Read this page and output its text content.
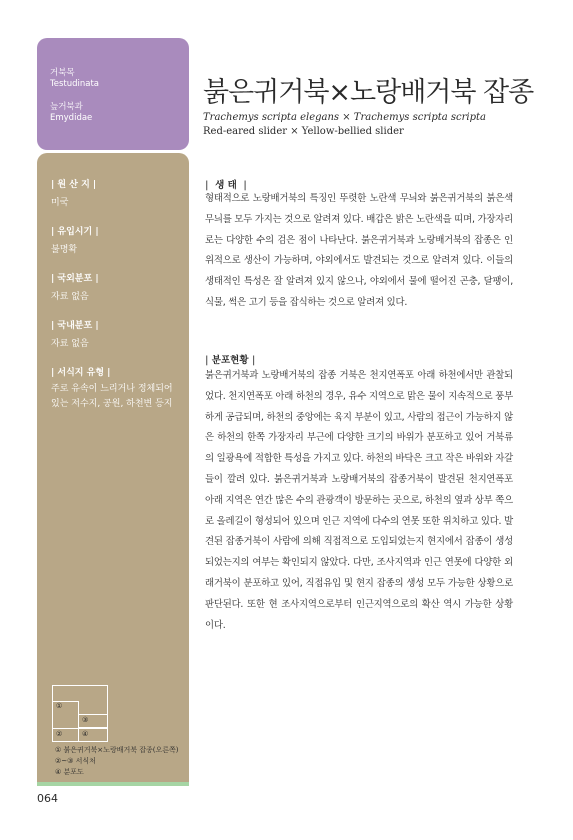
거북목
Testudinata
늪거북과
Emydidae
| 원 산 지 |
미국
| 유입시기 |
불명확
| 국외분포 |
자료 없음
| 국내분포 |
자료 없음
| 서식지 유형 |
주로 유속이 느리거나 정체되어 있는 저수지, 공원, 하천변 등지
①
②
③
④
① 붉은귀거북×노랑배거북 잡종(오른쪽)
②~③ 서식처
④ 분포도
붉은귀거북×노랑배거북 잡종
Trachemys scripta elegans × Trachemys scripta scripta
Red-eared slider × Yellow-bellied slider
| 생 태 |
형태적으로 노랑배거북의 특징인 뚜렷한 노란색 무늬와 붉은귀거북의 붉은색 무늬를 모두 가지는 것으로 알려져 있다. 배갑은 밝은 노란색을 띠며, 가장자리로는 다양한 수의 검은 점이 나타난다. 붉은귀거북과 노랑배거북의 잡종은 인위적으로 생산이 가능하며, 야외에서도 발견되는 것으로 알려져 있다. 이들의 생태적인 특성은 잘 알려져 있지 않으나, 야외에서 물에 떨어진 곤충, 달팽이, 식물, 썩은 고기 등을 잡식하는 것으로 알려져 있다.
| 분포현황 |
붉은귀거북과 노랑배거북의 잡종 거북은 천지연폭포 아래 하천에서만 관찰되었다. 천지연폭포 아래 하천의 경우, 유수 지역으로 맑은 물이 지속적으로 풍부하게 공급되며, 하천의 중앙에는 육지 부분이 있고, 사람의 접근이 가능하지 않은 하천의 한쪽 가장자리 부근에 다양한 크기의 바위가 분포하고 있어 거북류의 일광욕에 적합한 특성을 가지고 있다. 하천의 바닥은 크고 작은 바위와 자갈들이 깔려 있다. 붉은귀거북과 노랑배거북의 잡종거북이 발견된 천지연폭포 아래 지역은 연간 많은 수의 관광객이 방문하는 곳으로, 하천의 옆과 상부 쪽으로 올레길이 형성되어 있으며 인근 지역에 다수의 연못 또한 위치하고 있다. 발견된 잡종거북이 사람에 의해 직접적으로 도입되었는지 현지에서 잡종이 생성되었는지의 여부는 확인되지 않았다. 다만, 조사지역과 인근 연못에 다양한 외래거북이 분포하고 있어, 직접유입 및 현지 잡종의 생성 모두 가능한 상황으로 판단된다. 또한 현 조사지역으로부터 인근지역으로의 확산 역시 가능한 상황이다.
064
